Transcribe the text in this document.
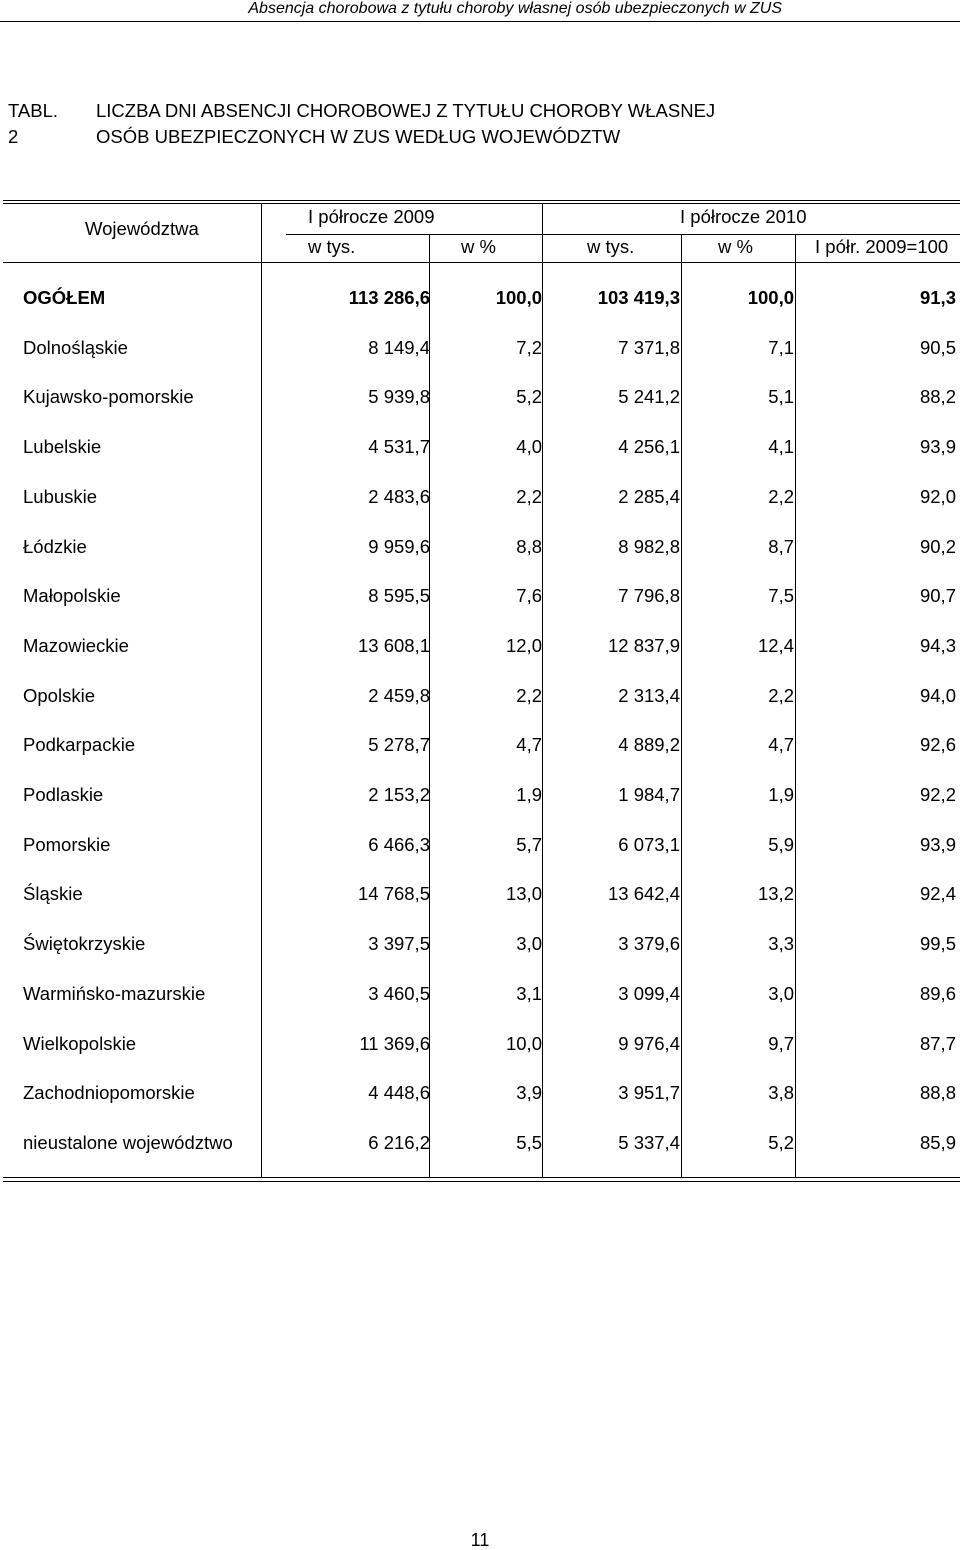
Absencja chorobowa z tytułu choroby własnej osób ubezpieczonych w ZUS
TABL. 2
LICZBA DNI ABSENCJI CHOROBOWEJ Z TYTUŁU CHOROBY WŁASNEJ
OSÓB UBEZPIECZONYCH W ZUS WEDŁUG WOJEWÓDZTW
Województwa
I półrocze 2009	I półrocze 2010
w tys.	w %	w tys.	w %	I półr. 2009=100
OGÓŁEM	113 286,6	100,0	103 419,3	100,0	91,3
Dolnośląskie	8 149,4	7,2	7 371,8	7,1	90,5
Kujawsko-pomorskie	5 939,8	5,2	5 241,2	5,1	88,2
Lubelskie	4 531,7	4,0	4 256,1	4,1	93,9
Lubuskie	2 483,6	2,2	2 285,4	2,2	92,0
Łódzkie	9 959,6	8,8	8 982,8	8,7	90,2
Małopolskie	8 595,5	7,6	7 796,8	7,5	90,7
Mazowieckie	13 608,1	12,0	12 837,9	12,4	94,3
Opolskie	2 459,8	2,2	2 313,4	2,2	94,0
Podkarpackie	5 278,7	4,7	4 889,2	4,7	92,6
Podlaskie	2 153,2	1,9	1 984,7	1,9	92,2
Pomorskie	6 466,3	5,7	6 073,1	5,9	93,9
Śląskie	14 768,5	13,0	13 642,4	13,2	92,4
Świętokrzyskie	3 397,5	3,0	3 379,6	3,3	99,5
Warmińsko-mazurskie	3 460,5	3,1	3 099,4	3,0	89,6
Wielkopolskie	11 369,6	10,0	9 976,4	9,7	87,7
Zachodniopomorskie	4 448,6	3,9	3 951,7	3,8	88,8
nieustalone województwo	6 216,2	5,5	5 337,4	5,2	85,9
11
